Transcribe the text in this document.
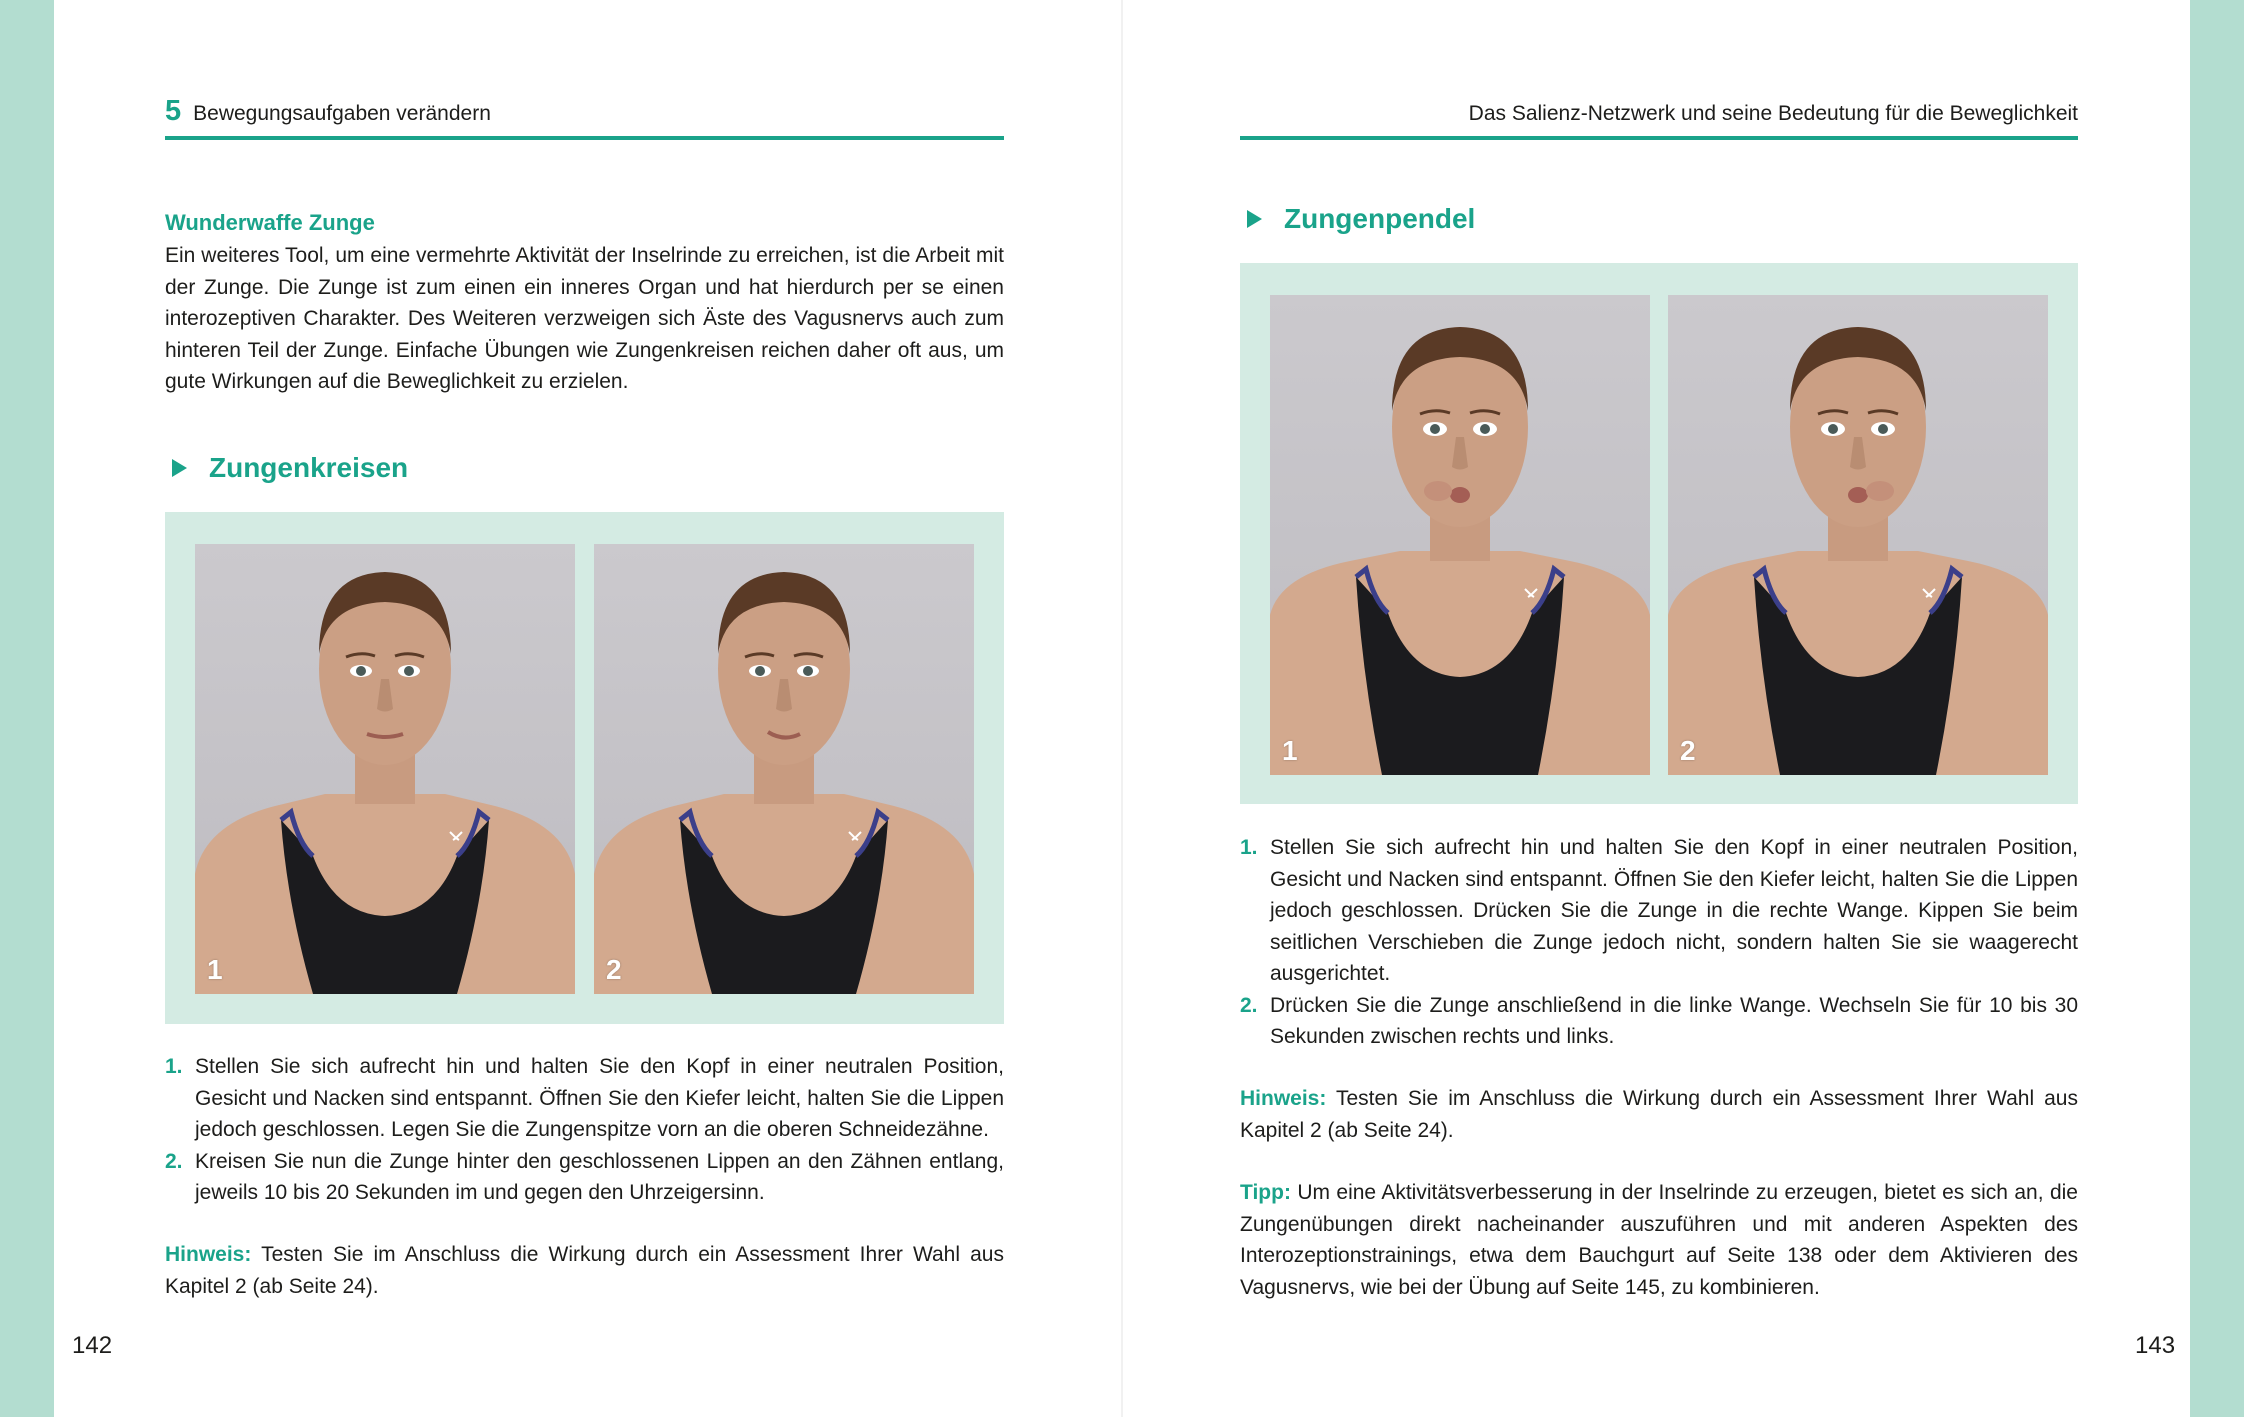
5 Bewegungsaufgaben verändern
Wunderwaffe Zunge
Ein weiteres Tool, um eine vermehrte Aktivität der Inselrinde zu erreichen, ist die Arbeit mit der Zunge. Die Zunge ist zum einen ein inneres Organ und hat hierdurch per se einen interozeptiven Charakter. Des Weiteren verzweigen sich Äste des Vagusnervs auch zum hinteren Teil der Zunge. Einfache Übungen wie Zungenkreisen reichen daher oft aus, um gute Wirkungen auf die Beweglichkeit zu erzielen.
Zungenkreisen
1	2
1. Stellen Sie sich aufrecht hin und halten Sie den Kopf in einer neutralen Position, Gesicht und Nacken sind entspannt. Öffnen Sie den Kiefer leicht, halten Sie die Lippen jedoch geschlossen. Legen Sie die Zungenspitze vorn an die oberen Schneidezähne.
2. Kreisen Sie nun die Zunge hinter den geschlossenen Lippen an den Zähnen entlang, jeweils 10 bis 20 Sekunden im und gegen den Uhrzeigersinn.
Hinweis: Testen Sie im Anschluss die Wirkung durch ein Assessment Ihrer Wahl aus Kapitel 2 (ab Seite 24).
142
Das Salienz-Netzwerk und seine Bedeutung für die Beweglichkeit
Zungenpendel
1	2
1. Stellen Sie sich aufrecht hin und halten Sie den Kopf in einer neutralen Position, Gesicht und Nacken sind entspannt. Öffnen Sie den Kiefer leicht, halten Sie die Lippen jedoch geschlossen. Drücken Sie die Zunge in die rechte Wange. Kippen Sie beim seitlichen Verschieben die Zunge jedoch nicht, sondern halten Sie sie waagerecht ausgerichtet.
2. Drücken Sie die Zunge anschließend in die linke Wange. Wechseln Sie für 10 bis 30 Sekunden zwischen rechts und links.
Hinweis: Testen Sie im Anschluss die Wirkung durch ein Assessment Ihrer Wahl aus Kapitel 2 (ab Seite 24).
Tipp: Um eine Aktivitätsverbesserung in der Inselrinde zu erzeugen, bietet es sich an, die Zungenübungen direkt nacheinander auszuführen und mit anderen Aspekten des Interozeptionstrainings, etwa dem Bauchgurt auf Seite 138 oder dem Aktivieren des Vagusnervs, wie bei der Übung auf Seite 145, zu kombinieren.
143
